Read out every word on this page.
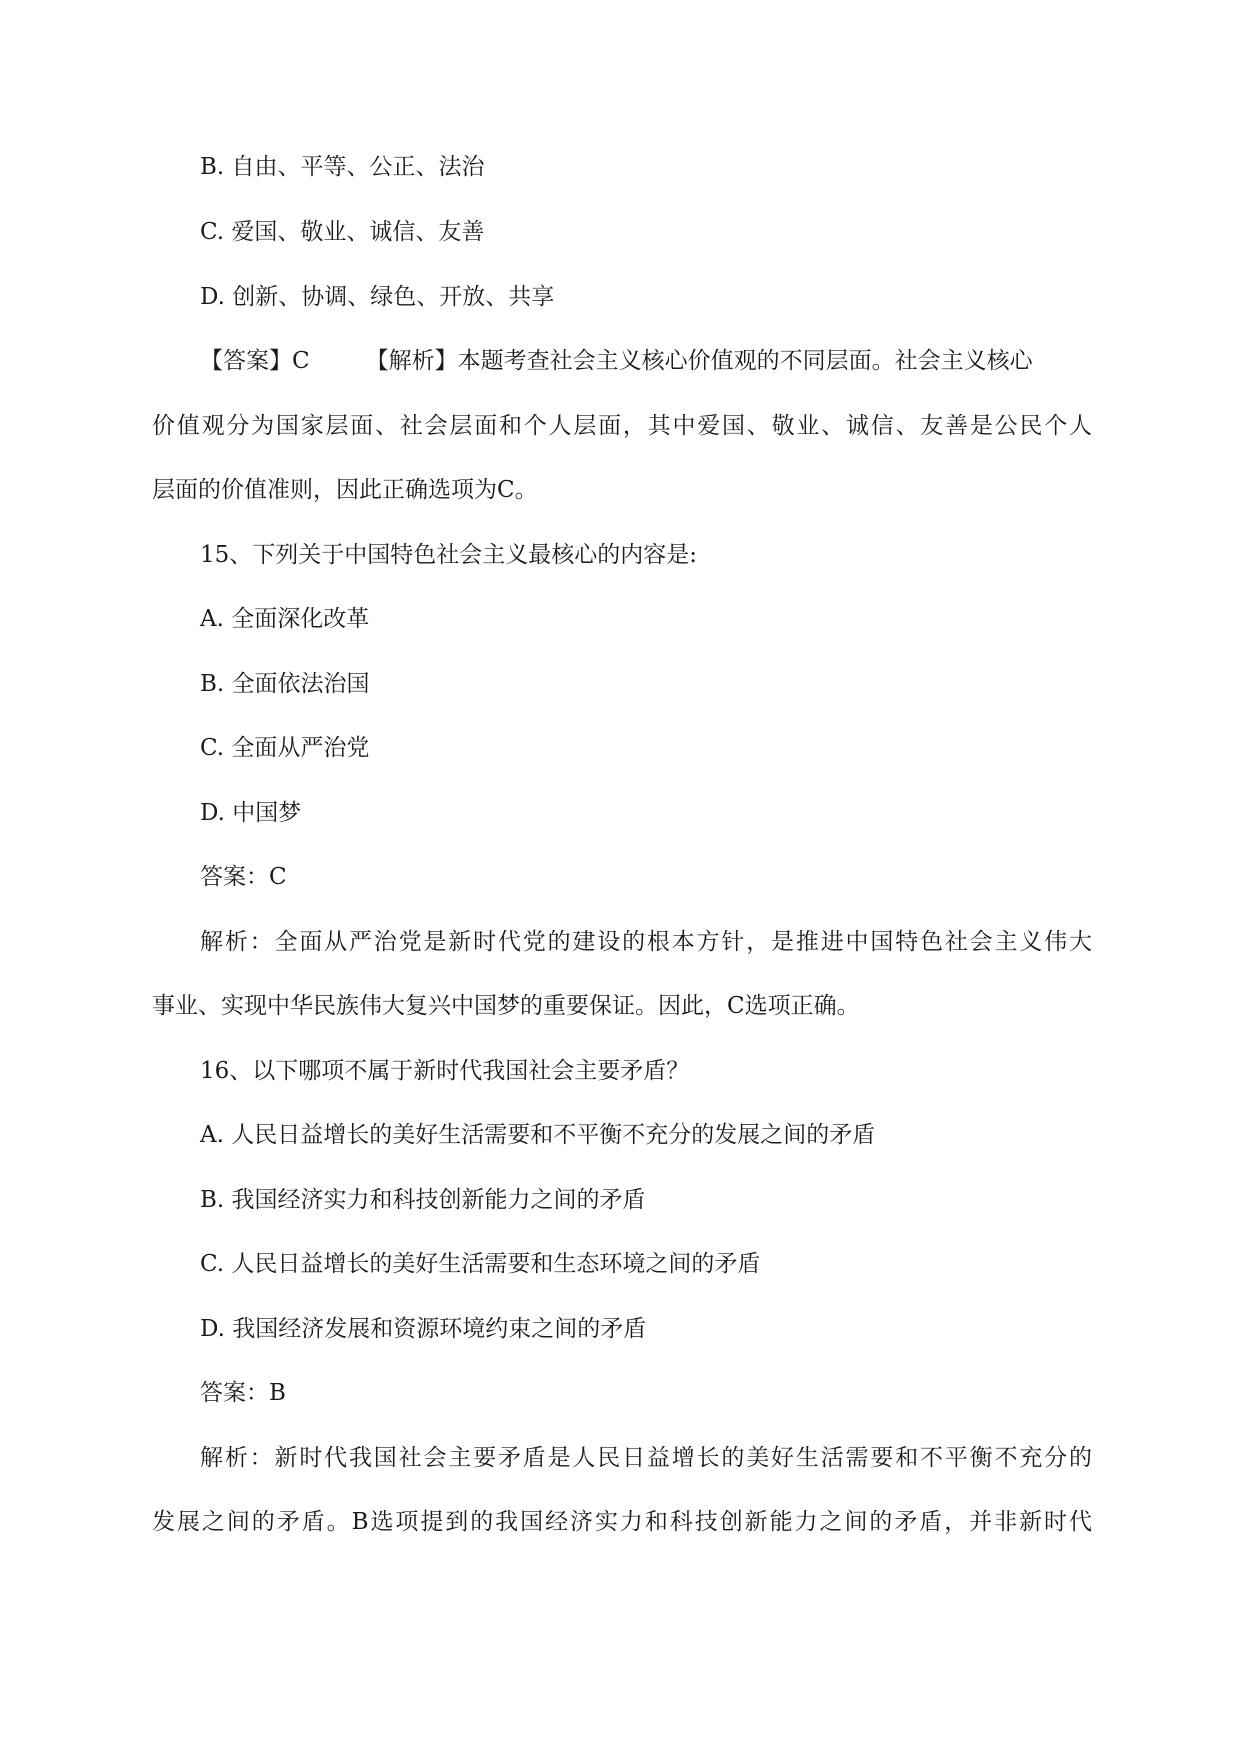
B. 自由、平等、公正、法治
C. 爱国、敬业、诚信、友善
D. 创新、协调、绿色、开放、共享
【答案】C 【解析】本题考查社会主义核心价值观的不同层面。社会主义核心
价值观分为国家层面、社会层面和个人层面，其中爱国、敬业、诚信、友善是公民个人
层面的价值准则，因此正确选项为C。
15、下列关于中国特色社会主义最核心的内容是:
A. 全面深化改革
B. 全面依法治国
C. 全面从严治党
D. 中国梦
答案：C
解析：全面从严治党是新时代党的建设的根本方针，是推进中国特色社会主义伟大
事业、实现中华民族伟大复兴中国梦的重要保证。因此，C选项正确。
16、以下哪项不属于新时代我国社会主要矛盾？
A. 人民日益增长的美好生活需要和不平衡不充分的发展之间的矛盾
B. 我国经济实力和科技创新能力之间的矛盾
C. 人民日益增长的美好生活需要和生态环境之间的矛盾
D. 我国经济发展和资源环境约束之间的矛盾
答案：B
解析：新时代我国社会主要矛盾是人民日益增长的美好生活需要和不平衡不充分的
发展之间的矛盾。B选项提到的我国经济实力和科技创新能力之间的矛盾，并非新时代
